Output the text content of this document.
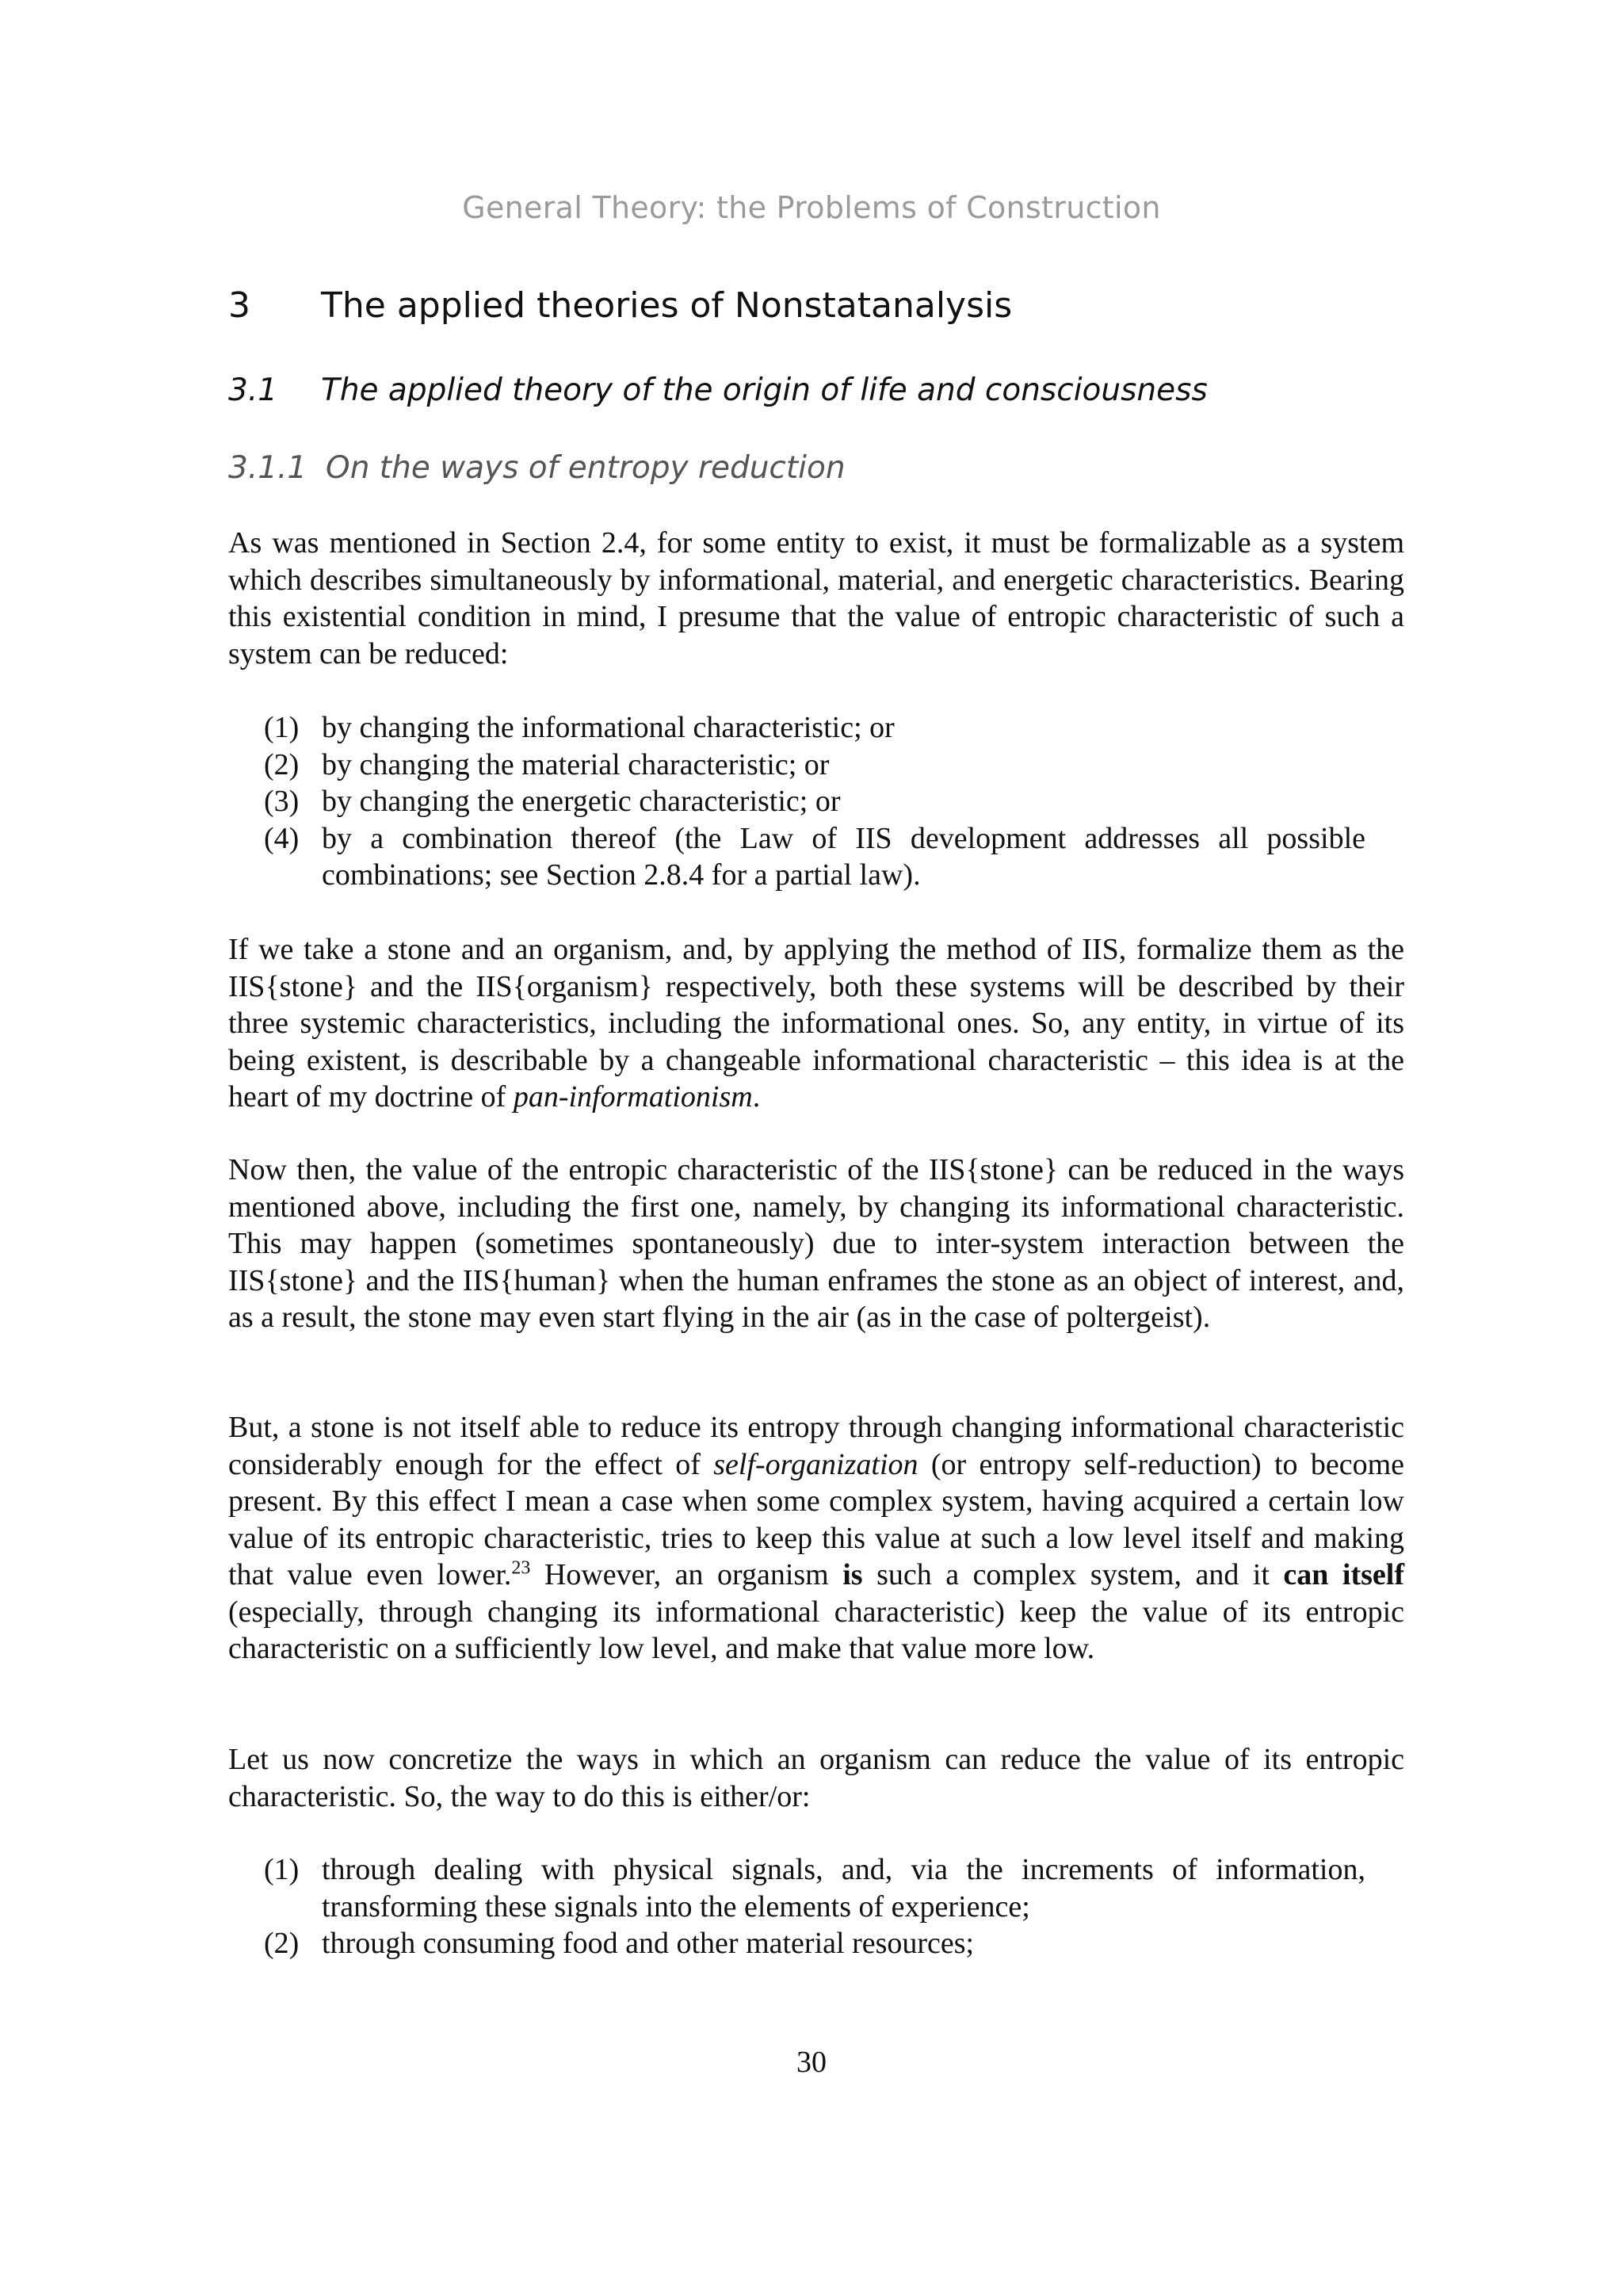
General Theory: the Problems of Construction
3 The applied theories of Nonstatanalysis
3.1 The applied theory of the origin of life and consciousness
3.1.1 On the ways of entropy reduction

As was mentioned in Section 2.4, for some entity to exist, it must be formalizable as a system which describes simultaneously by informational, material, and energetic characteristics. Bearing this existential condition in mind, I presume that the value of entropic characteristic of such a system can be reduced:

(1) by changing the informational characteristic; or
(2) by changing the material characteristic; or
(3) by changing the energetic characteristic; or
(4) by a combination thereof (the Law of IIS development addresses all possible combinations; see Section 2.8.4 for a partial law).

If we take a stone and an organism, and, by applying the method of IIS, formalize them as the IIS{stone} and the IIS{organism} respectively, both these systems will be described by their three systemic characteristics, including the informational ones. So, any entity, in virtue of its being existent, is describable by a changeable informational characteristic – this idea is at the heart of my doctrine of pan-informationism.

Now then, the value of the entropic characteristic of the IIS{stone} can be reduced in the ways mentioned above, including the first one, namely, by changing its informational characteristic. This may happen (sometimes spontaneously) due to inter-system interaction between the IIS{stone} and the IIS{human} when the human enframes the stone as an object of interest, and, as a result, the stone may even start flying in the air (as in the case of poltergeist).

But, a stone is not itself able to reduce its entropy through changing informational characteristic considerably enough for the effect of self-organization (or entropy self-reduction) to become present. By this effect I mean a case when some complex system, having acquired a certain low value of its entropic characteristic, tries to keep this value at such a low level itself and making that value even lower.$^{23}$ However, an organism is such a complex system, and it can itself (especially, through changing its informational characteristic) keep the value of its entropic characteristic on a sufficiently low level, and make that value more low.

Let us now concretize the ways in which an organism can reduce the value of its entropic characteristic. So, the way to do this is either/or:

(1) through dealing with physical signals, and, via the increments of information, transforming these signals into the elements of experience;
(2) through consuming food and other material resources;
30
